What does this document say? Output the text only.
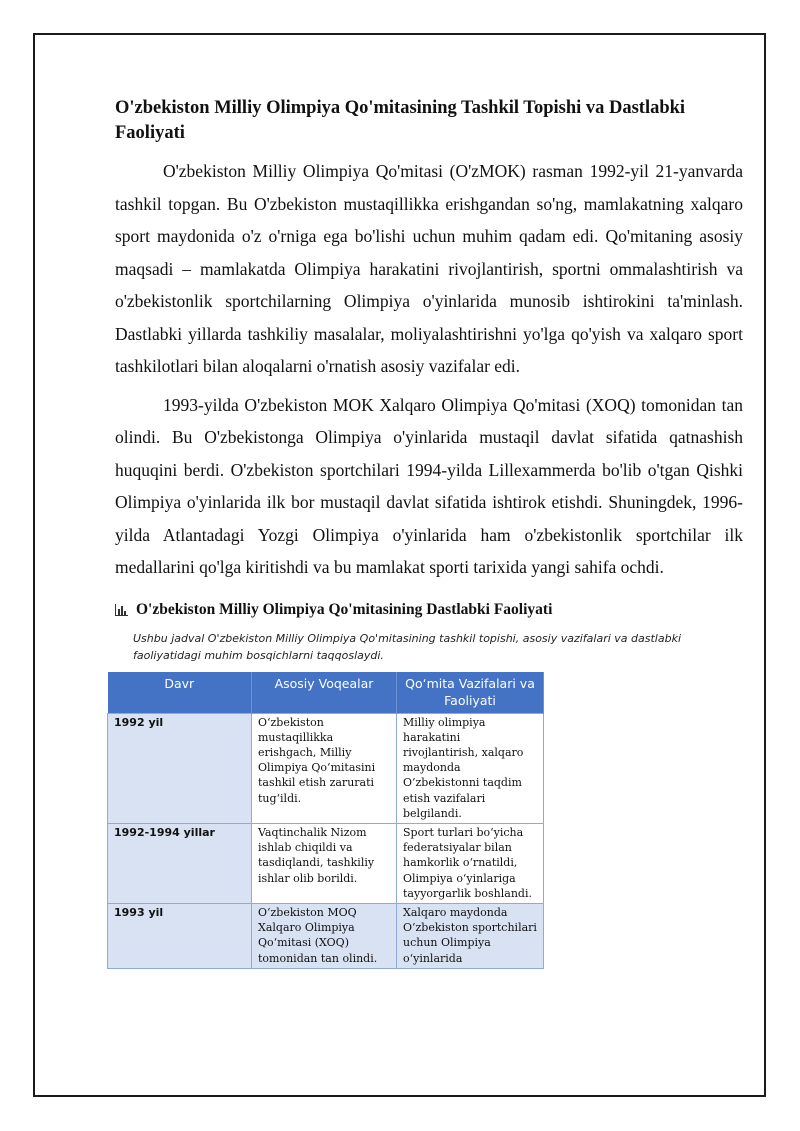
O'zbekiston Milliy Olimpiya Qo'mitasining Tashkil Topishi va Dastlabki Faoliyati

O'zbekiston Milliy Olimpiya Qo'mitasi (O'zMOK) rasman 1992-yil 21-yanvarda tashkil topgan. Bu O'zbekiston mustaqillikka erishgandan so'ng, mamlakatning xalqaro sport maydonida o'z o'rniga ega bo'lishi uchun muhim qadam edi. Qo'mitaning asosiy maqsadi – mamlakatda Olimpiya harakatini rivojlantirish, sportni ommalashtirish va o'zbekistonlik sportchilarning Olimpiya o'yinlarida munosib ishtirokini ta'minlash. Dastlabki yillarda tashkiliy masalalar, moliyalashtirishni yo'lga qo'yish va xalqaro sport tashkilotlari bilan aloqalarni o'rnatish asosiy vazifalar edi.

1993-yilda O'zbekiston MOK Xalqaro Olimpiya Qo'mitasi (XOQ) tomonidan tan olindi. Bu O'zbekistonga Olimpiya o'yinlarida mustaqil davlat sifatida qatnashish huquqini berdi. O'zbekiston sportchilari 1994-yilda Lillexammerda bo'lib o'tgan Qishki Olimpiya o'yinlarida ilk bor mustaqil davlat sifatida ishtirok etishdi. Shuningdek, 1996-yilda Atlantadagi Yozgi Olimpiya o'yinlarida ham o'zbekistonlik sportchilar ilk medallarini qo'lga kiritishdi va bu mamlakat sporti tarixida yangi sahifa ochdi.

O'zbekiston Milliy Olimpiya Qo'mitasining Dastlabki Faoliyati
Ushbu jadval O'zbekiston Milliy Olimpiya Qo'mitasining tashkil topishi, asosiy vazifalari va dastlabki faoliyatidagi muhim bosqichlarni taqqoslaydi.
Davr	Asosiy Voqealar	Qo‘mita Vazifalari va Faoliyati
1992 yil	O‘zbekiston mustaqillikka erishgach, Milliy Olimpiya Qo‘mitasini tashkil etish zarurati tug‘ildi.	Milliy olimpiya harakatini rivojlantirish, xalqaro maydonda O‘zbekistonni taqdim etish vazifalari belgilandi.
1992-1994 yillar	Vaqtinchalik Nizom ishlab chiqildi va tasdiqlandi, tashkiliy ishlar olib borildi.	Sport turlari bo‘yicha federatsiyalar bilan hamkorlik o‘rnatildi, Olimpiya o‘yinlariga tayyorgarlik boshlandi.
1993 yil	O‘zbekiston MOQ Xalqaro Olimpiya Qo‘mitasi (XOQ) tomonidan tan olindi.	Xalqaro maydonda O‘zbekiston sportchilari uchun Olimpiya o‘yinlarida
